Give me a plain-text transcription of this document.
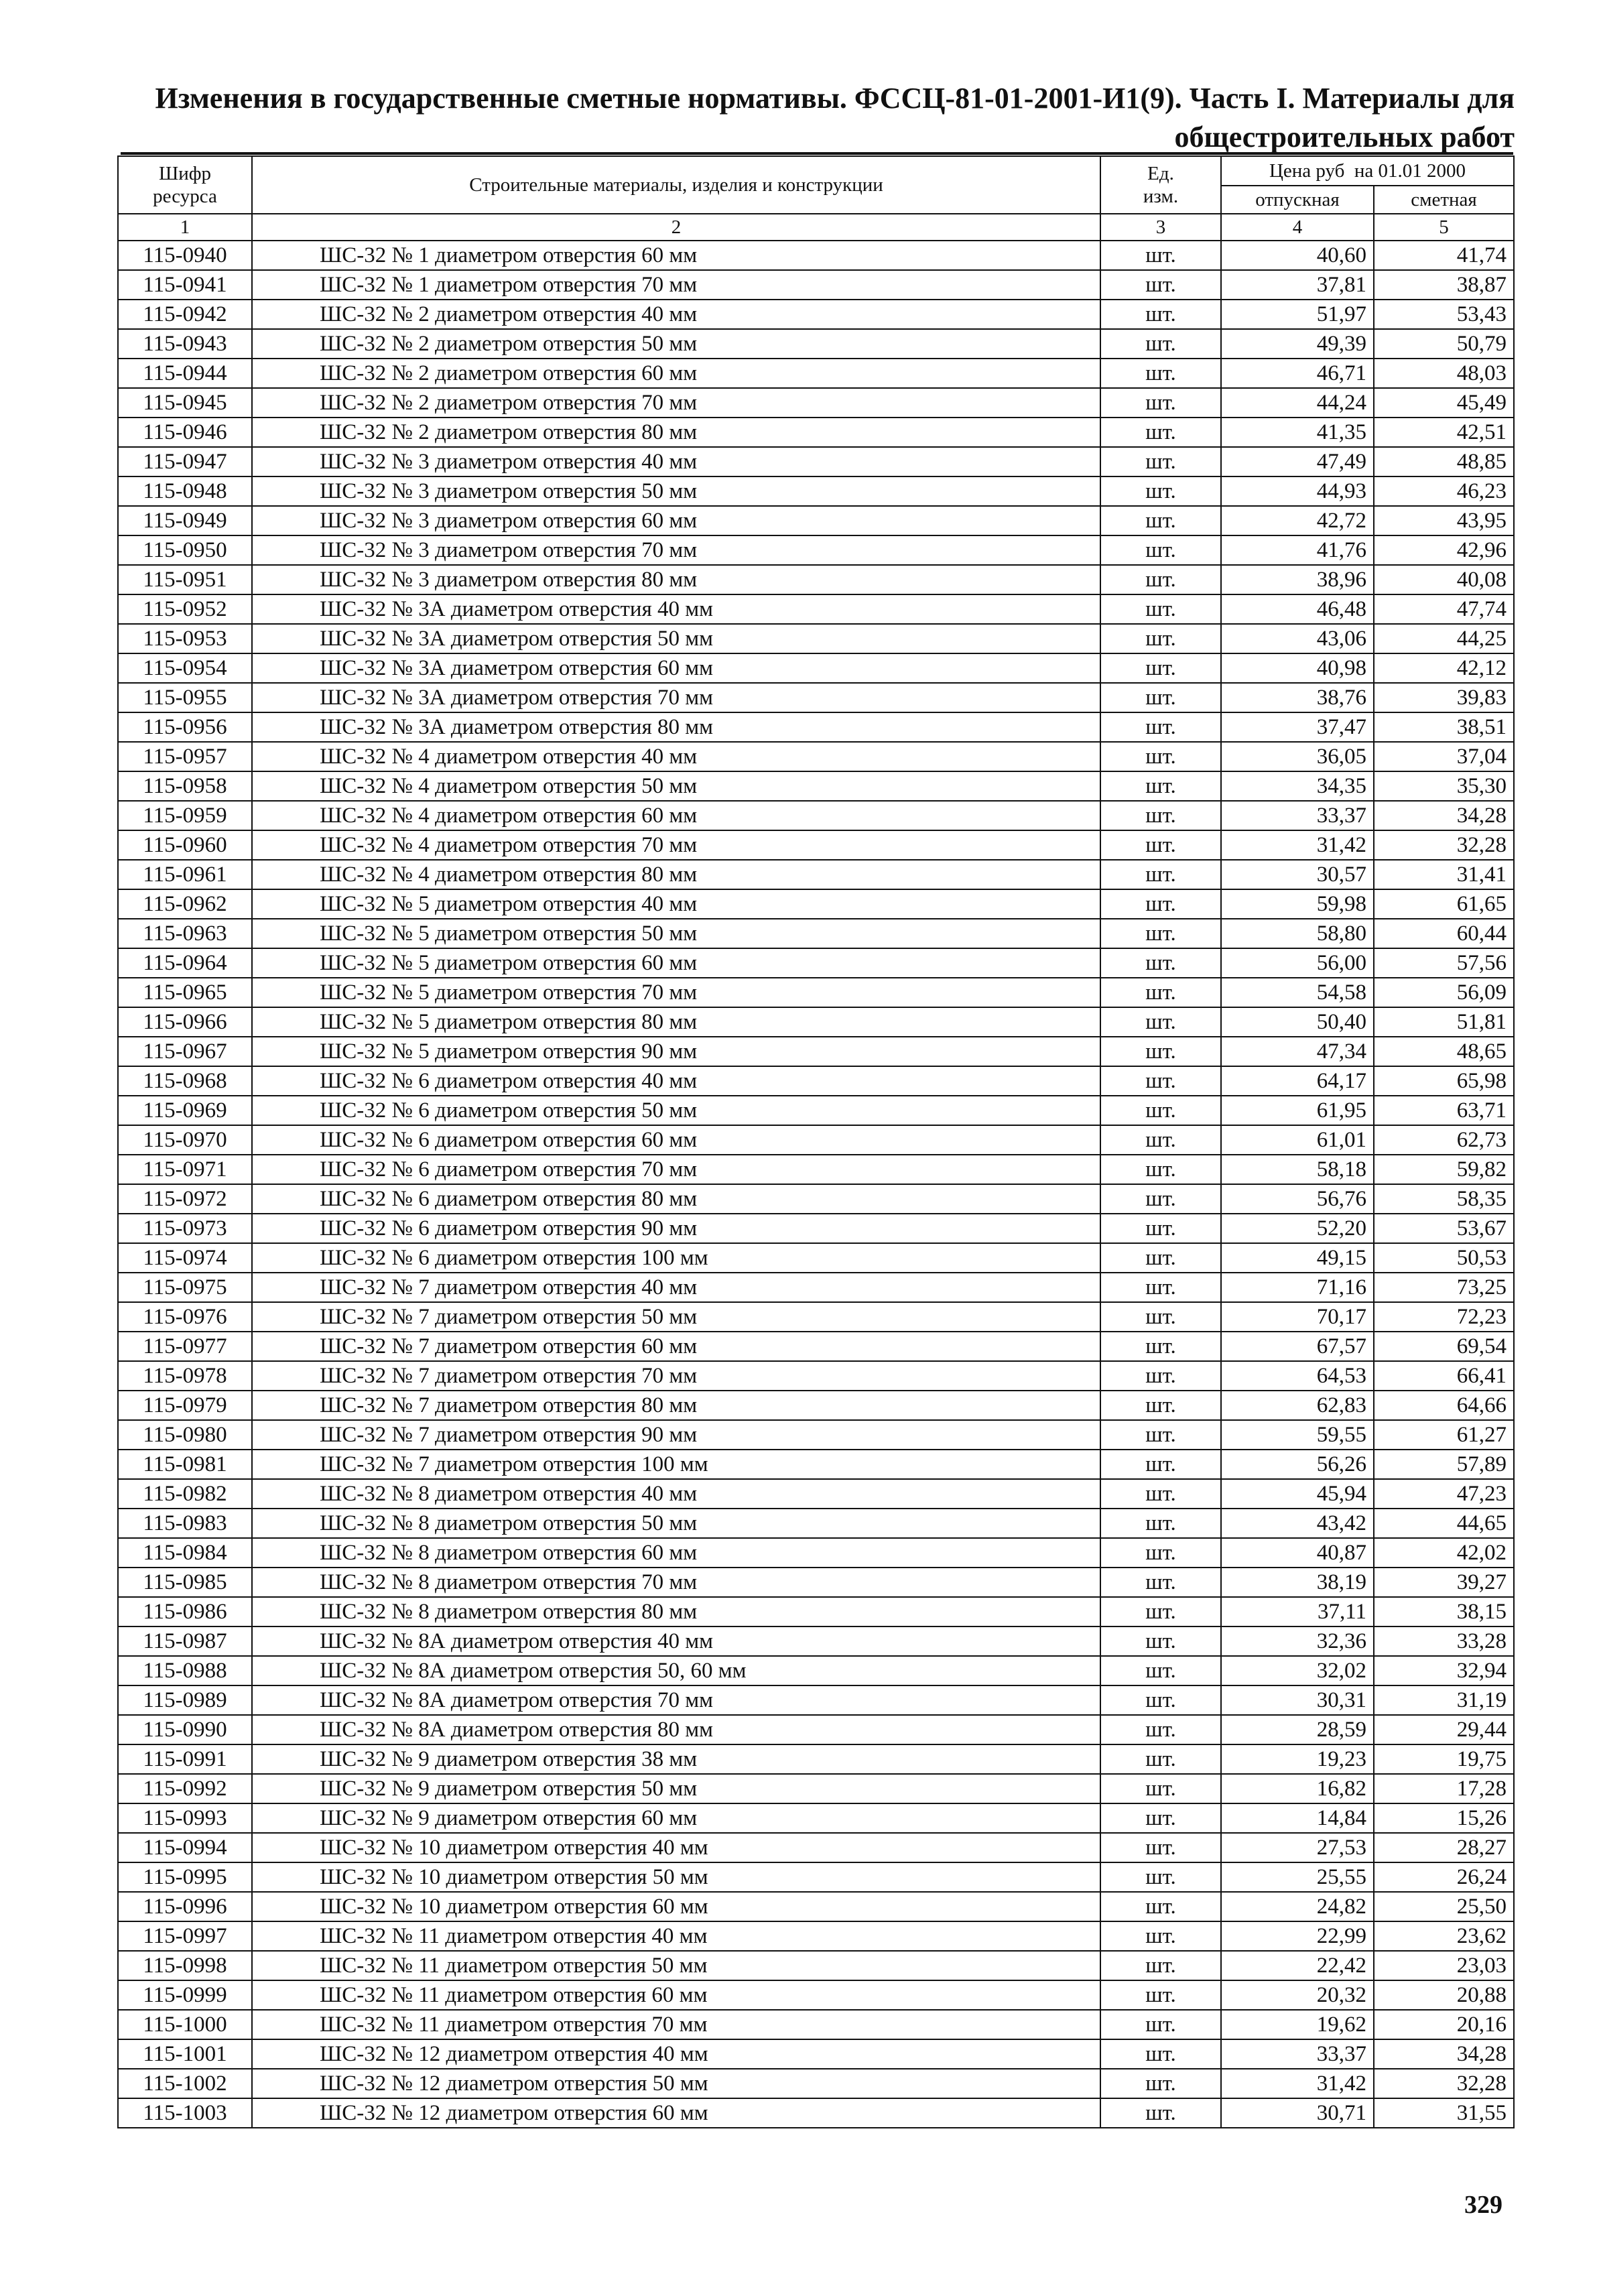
Изменения в государственные сметные нормативы. ФССЦ-81-01-2001-И1(9). Часть I. Материалы для
общестроительных работ
Шифр ресурса	Строительные материалы, изделия и конструкции	Ед. изм.	Цена руб  на 01.01 2000	
			отпускная	сметная
1	2	3	4	5
115-0940	ШС-32 № 1 диаметром отверстия 60 мм	шт.	40,60	41,74
115-0941	ШС-32 № 1 диаметром отверстия 70 мм	шт.	37,81	38,87
115-0942	ШС-32 № 2 диаметром отверстия 40 мм	шт.	51,97	53,43
115-0943	ШС-32 № 2 диаметром отверстия 50 мм	шт.	49,39	50,79
115-0944	ШС-32 № 2 диаметром отверстия 60 мм	шт.	46,71	48,03
115-0945	ШС-32 № 2 диаметром отверстия 70 мм	шт.	44,24	45,49
115-0946	ШС-32 № 2 диаметром отверстия 80 мм	шт.	41,35	42,51
115-0947	ШС-32 № 3 диаметром отверстия 40 мм	шт.	47,49	48,85
115-0948	ШС-32 № 3 диаметром отверстия 50 мм	шт.	44,93	46,23
115-0949	ШС-32 № 3 диаметром отверстия 60 мм	шт.	42,72	43,95
115-0950	ШС-32 № 3 диаметром отверстия 70 мм	шт.	41,76	42,96
115-0951	ШС-32 № 3 диаметром отверстия 80 мм	шт.	38,96	40,08
115-0952	ШС-32 № 3А диаметром отверстия 40 мм	шт.	46,48	47,74
115-0953	ШС-32 № 3А диаметром отверстия 50 мм	шт.	43,06	44,25
115-0954	ШС-32 № 3А диаметром отверстия 60 мм	шт.	40,98	42,12
115-0955	ШС-32 № 3А диаметром отверстия 70 мм	шт.	38,76	39,83
115-0956	ШС-32 № 3А диаметром отверстия 80 мм	шт.	37,47	38,51
115-0957	ШС-32 № 4 диаметром отверстия 40 мм	шт.	36,05	37,04
115-0958	ШС-32 № 4 диаметром отверстия 50 мм	шт.	34,35	35,30
115-0959	ШС-32 № 4 диаметром отверстия 60 мм	шт.	33,37	34,28
115-0960	ШС-32 № 4 диаметром отверстия 70 мм	шт.	31,42	32,28
115-0961	ШС-32 № 4 диаметром отверстия 80 мм	шт.	30,57	31,41
115-0962	ШС-32 № 5 диаметром отверстия 40 мм	шт.	59,98	61,65
115-0963	ШС-32 № 5 диаметром отверстия 50 мм	шт.	58,80	60,44
115-0964	ШС-32 № 5 диаметром отверстия 60 мм	шт.	56,00	57,56
115-0965	ШС-32 № 5 диаметром отверстия 70 мм	шт.	54,58	56,09
115-0966	ШС-32 № 5 диаметром отверстия 80 мм	шт.	50,40	51,81
115-0967	ШС-32 № 5 диаметром отверстия 90 мм	шт.	47,34	48,65
115-0968	ШС-32 № 6 диаметром отверстия 40 мм	шт.	64,17	65,98
115-0969	ШС-32 № 6 диаметром отверстия 50 мм	шт.	61,95	63,71
115-0970	ШС-32 № 6 диаметром отверстия 60 мм	шт.	61,01	62,73
115-0971	ШС-32 № 6 диаметром отверстия 70 мм	шт.	58,18	59,82
115-0972	ШС-32 № 6 диаметром отверстия 80 мм	шт.	56,76	58,35
115-0973	ШС-32 № 6 диаметром отверстия 90 мм	шт.	52,20	53,67
115-0974	ШС-32 № 6 диаметром отверстия 100 мм	шт.	49,15	50,53
115-0975	ШС-32 № 7 диаметром отверстия 40 мм	шт.	71,16	73,25
115-0976	ШС-32 № 7 диаметром отверстия 50 мм	шт.	70,17	72,23
115-0977	ШС-32 № 7 диаметром отверстия 60 мм	шт.	67,57	69,54
115-0978	ШС-32 № 7 диаметром отверстия 70 мм	шт.	64,53	66,41
115-0979	ШС-32 № 7 диаметром отверстия 80 мм	шт.	62,83	64,66
115-0980	ШС-32 № 7 диаметром отверстия 90 мм	шт.	59,55	61,27
115-0981	ШС-32 № 7 диаметром отверстия 100 мм	шт.	56,26	57,89
115-0982	ШС-32 № 8 диаметром отверстия 40 мм	шт.	45,94	47,23
115-0983	ШС-32 № 8 диаметром отверстия 50 мм	шт.	43,42	44,65
115-0984	ШС-32 № 8 диаметром отверстия 60 мм	шт.	40,87	42,02
115-0985	ШС-32 № 8 диаметром отверстия 70 мм	шт.	38,19	39,27
115-0986	ШС-32 № 8 диаметром отверстия 80 мм	шт.	37,11	38,15
115-0987	ШС-32 № 8А диаметром отверстия 40 мм	шт.	32,36	33,28
115-0988	ШС-32 № 8А диаметром отверстия 50, 60 мм	шт.	32,02	32,94
115-0989	ШС-32 № 8А диаметром отверстия 70 мм	шт.	30,31	31,19
115-0990	ШС-32 № 8А диаметром отверстия 80 мм	шт.	28,59	29,44
115-0991	ШС-32 № 9 диаметром отверстия 38 мм	шт.	19,23	19,75
115-0992	ШС-32 № 9 диаметром отверстия 50 мм	шт.	16,82	17,28
115-0993	ШС-32 № 9 диаметром отверстия 60 мм	шт.	14,84	15,26
115-0994	ШС-32 № 10 диаметром отверстия 40 мм	шт.	27,53	28,27
115-0995	ШС-32 № 10 диаметром отверстия 50 мм	шт.	25,55	26,24
115-0996	ШС-32 № 10 диаметром отверстия 60 мм	шт.	24,82	25,50
115-0997	ШС-32 № 11 диаметром отверстия 40 мм	шт.	22,99	23,62
115-0998	ШС-32 № 11 диаметром отверстия 50 мм	шт.	22,42	23,03
115-0999	ШС-32 № 11 диаметром отверстия 60 мм	шт.	20,32	20,88
115-1000	ШС-32 № 11 диаметром отверстия 70 мм	шт.	19,62	20,16
115-1001	ШС-32 № 12 диаметром отверстия 40 мм	шт.	33,37	34,28
115-1002	ШС-32 № 12 диаметром отверстия 50 мм	шт.	31,42	32,28
115-1003	ШС-32 № 12 диаметром отверстия 60 мм	шт.	30,71	31,55
329
